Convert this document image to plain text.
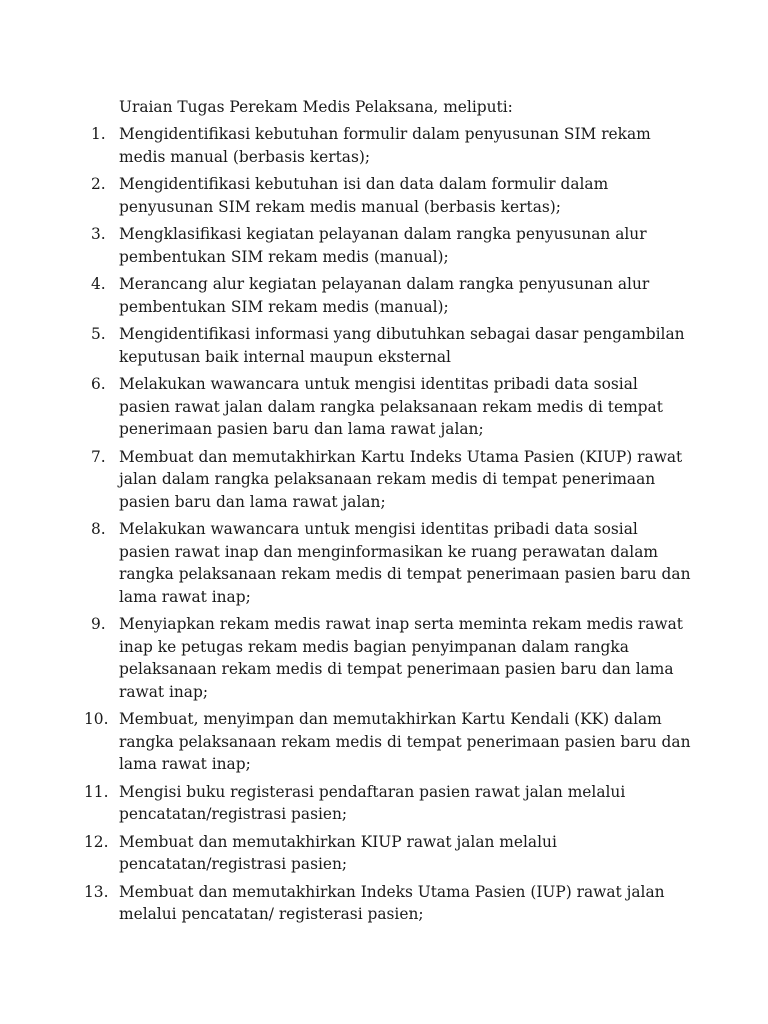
Uraian Tugas Perekam Medis Pelaksana, meliputi:
1. Mengidentifikasi kebutuhan formulir dalam penyusunan SIM rekam
medis manual (berbasis kertas);
2. Mengidentifikasi kebutuhan isi dan data dalam formulir dalam
penyusunan SIM rekam medis manual (berbasis kertas);
3. Mengklasifikasi kegiatan pelayanan dalam rangka penyusunan alur
pembentukan SIM rekam medis (manual);
4. Merancang alur kegiatan pelayanan dalam rangka penyusunan alur
pembentukan SIM rekam medis (manual);
5. Mengidentifikasi informasi yang dibutuhkan sebagai dasar pengambilan
keputusan baik internal maupun eksternal
6. Melakukan wawancara untuk mengisi identitas pribadi data sosial
pasien rawat jalan dalam rangka pelaksanaan rekam medis di tempat
penerimaan pasien baru dan lama rawat jalan;
7. Membuat dan memutakhirkan Kartu Indeks Utama Pasien (KIUP) rawat
jalan dalam rangka pelaksanaan rekam medis di tempat penerimaan
pasien baru dan lama rawat jalan;
8. Melakukan wawancara untuk mengisi identitas pribadi data sosial
pasien rawat inap dan menginformasikan ke ruang perawatan dalam
rangka pelaksanaan rekam medis di tempat penerimaan pasien baru dan
lama rawat inap;
9. Menyiapkan rekam medis rawat inap serta meminta rekam medis rawat
inap ke petugas rekam medis bagian penyimpanan dalam rangka
pelaksanaan rekam medis di tempat penerimaan pasien baru dan lama
rawat inap;
10. Membuat, menyimpan dan memutakhirkan Kartu Kendali (KK) dalam
rangka pelaksanaan rekam medis di tempat penerimaan pasien baru dan
lama rawat inap;
11. Mengisi buku registerasi pendaftaran pasien rawat jalan melalui
pencatatan/registrasi pasien;
12. Membuat dan memutakhirkan KIUP rawat jalan melalui
pencatatan/registrasi pasien;
13. Membuat dan memutakhirkan Indeks Utama Pasien (IUP) rawat jalan
melalui pencatatan/ registerasi pasien;
